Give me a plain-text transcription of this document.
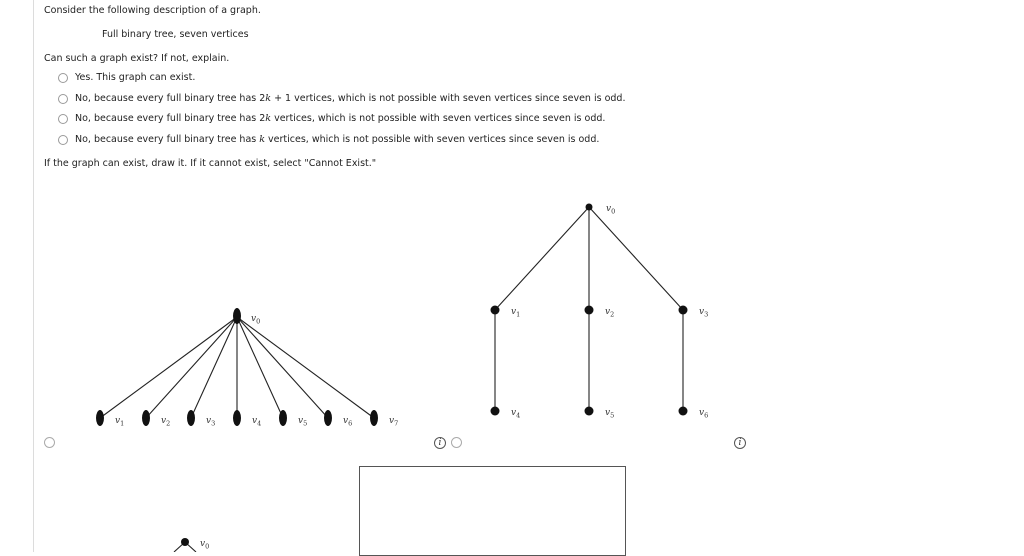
Consider the following description of a graph.
Full binary tree, seven vertices
Can such a graph exist? If not, explain.
Yes. This graph can exist.
No, because every full binary tree has 2k + 1 vertices, which is not possible with seven vertices since seven is odd.
No, because every full binary tree has 2k vertices, which is not possible with seven vertices since seven is odd.
No, because every full binary tree has k vertices, which is not possible with seven vertices since seven is odd.
If the graph can exist, draw it. If it cannot exist, select "Cannot Exist."
$v_0$
$v_1$	$v_2$	$v_3$	$v_4$	$v_5$	$v_6$	$v_7$
$v_0$
$v_1$	$v_2$	$v_3$
$v_4$	$v_5$	$v_6$
i	i
$v_0$
